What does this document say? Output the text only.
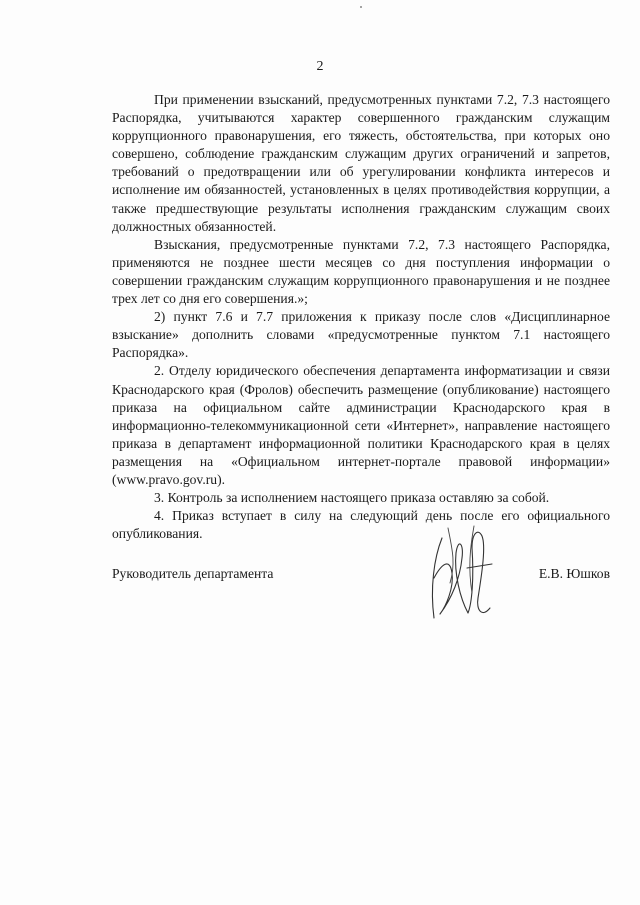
2

При применении взысканий, предусмотренных пунктами 7.2, 7.3 настоящего Распорядка, учитываются характер совершенного гражданским служащим коррупционного правонарушения, его тяжесть, обстоятельства, при которых оно совершено, соблюдение гражданским служащим других ограничений и запретов, требований о предотвращении или об урегулировании конфликта интересов и исполнение им обязанностей, установленных в целях противодействия коррупции, а также предшествующие результаты исполнения гражданским служащим своих должностных обязанностей.

Взыскания, предусмотренные пунктами 7.2, 7.3 настоящего Распорядка, применяются не позднее шести месяцев со дня поступления информации о совершении гражданским служащим коррупционного правонарушения и не позднее трех лет со дня его совершения.»;

2) пункт 7.6 и 7.7 приложения к приказу после слов «Дисциплинарное взыскание» дополнить словами «предусмотренные пунктом 7.1 настоящего Распорядка».

2. Отделу юридического обеспечения департамента информатизации и связи Краснодарского края (Фролов) обеспечить размещение (опубликование) настоящего приказа на официальном сайте администрации Краснодарского края в информационно-телекоммуникационной сети «Интернет», направление настоящего приказа в департамент информационной политики Краснодарского края в целях размещения на «Официальном интернет-портале правовой информации» (www.pravo.gov.ru).

3. Контроль за исполнением настоящего приказа оставляю за собой.

4. Приказ вступает в силу на следующий день после его официального опубликования.

Руководитель департамента	Е.В. Юшков
